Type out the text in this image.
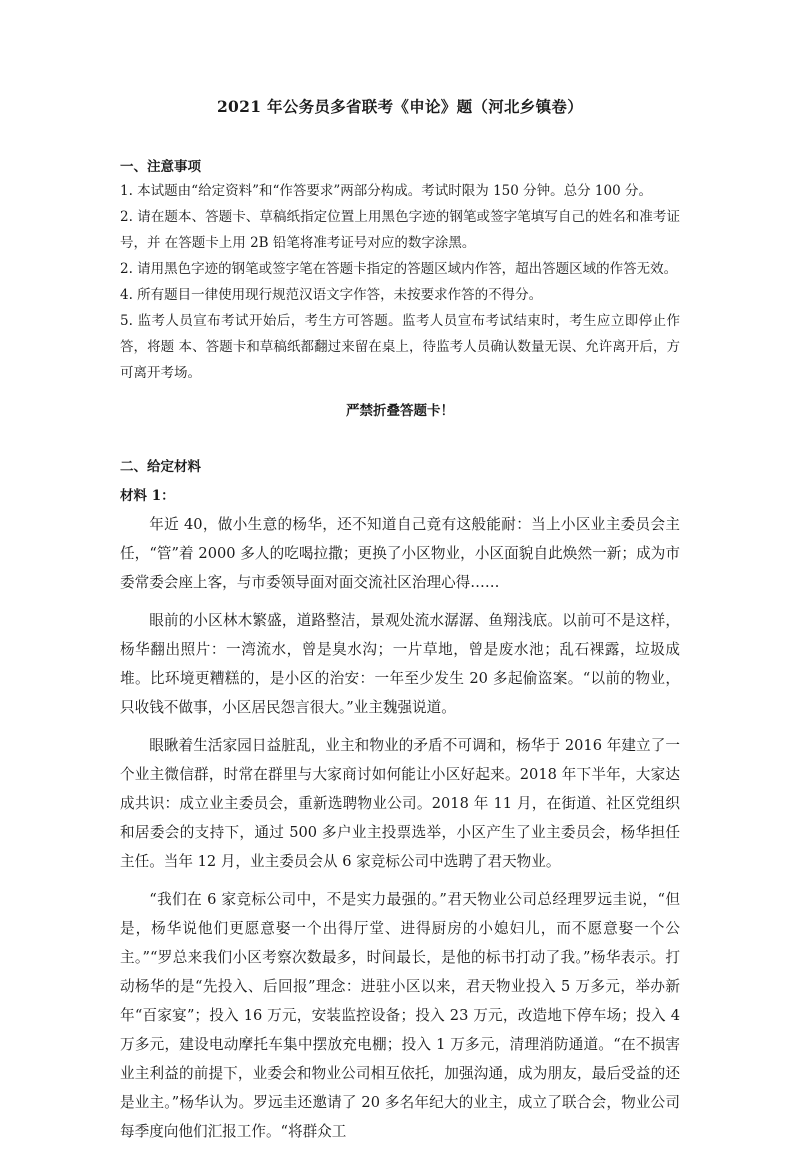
2021 年公务员多省联考《申论》题（河北乡镇卷）
一、注意事项

1. 本试题由“给定资料”和“作答要求”两部分构成。考试时限为 150 分钟。总分 100 分。

2. 请在题本、答题卡、草稿纸指定位置上用黑色字迹的钢笔或签字笔填写自己的姓名和准考证号，并 在答题卡上用 2B 铅笔将准考证号对应的数字涂黑。

2. 请用黑色字迹的钢笔或签字笔在答题卡指定的答题区域内作答，超出答题区域的作答无效。

4. 所有题目一律使用现行规范汉语文字作答，未按要求作答的不得分。

5. 监考人员宣布考试开始后，考生方可答题。监考人员宣布考试结束时，考生应立即停止作答，将题 本、答题卡和草稿纸都翻过来留在桌上，待监考人员确认数量无误、允许离开后，方可离开考场。

严禁折叠答题卡！
二、给定材料
材料 1：

年近 40，做小生意的杨华，还不知道自己竟有这般能耐：当上小区业主委员会主任，“管”着 2000 多人的吃喝拉撒；更换了小区物业，小区面貌自此焕然一新；成为市委常委会座上客，与市委领导面对面交流社区治理心得……

眼前的小区林木繁盛，道路整洁，景观处流水潺潺、鱼翔浅底。以前可不是这样，杨华翻出照片：一湾流水，曾是臭水沟；一片草地，曾是废水池；乱石裸露，垃圾成堆。比环境更糟糕的，是小区的治安：一年至少发生 20 多起偷盗案。“以前的物业，只收钱不做事，小区居民怨言很大。”业主魏强说道。

眼瞅着生活家园日益脏乱，业主和物业的矛盾不可调和，杨华于 2016 年建立了一个业主微信群，时常在群里与大家商讨如何能让小区好起来。2018 年下半年，大家达成共识：成立业主委员会，重新选聘物业公司。2018 年 11 月，在街道、社区党组织和居委会的支持下，通过 500 多户业主投票选举，小区产生了业主委员会，杨华担任主任。当年 12 月，业主委员会从 6 家竞标公司中选聘了君天物业。

“我们在 6 家竞标公司中，不是实力最强的。”君天物业公司总经理罗远圭说，“但是，杨华说他们更愿意娶一个出得厅堂、进得厨房的小媳妇儿，而不愿意娶一个公主。”“罗总来我们小区考察次数最多，时间最长，是他的标书打动了我。”杨华表示。打动杨华的是“先投入、后回报”理念：进驻小区以来，君天物业投入 5 万多元，举办新年“百家宴”；投入 16 万元，安装监控设备；投入 23 万元，改造地下停车场；投入 4 万多元，建设电动摩托车集中摆放充电棚；投入 1 万多元，清理消防通道。“在不损害业主利益的前提下，业委会和物业公司相互依托，加强沟通，成为朋友，最后受益的还是业主。”杨华认为。罗远圭还邀请了 20 多名年纪大的业主，成立了联合会，物业公司每季度向他们汇报工作。“将群众工
